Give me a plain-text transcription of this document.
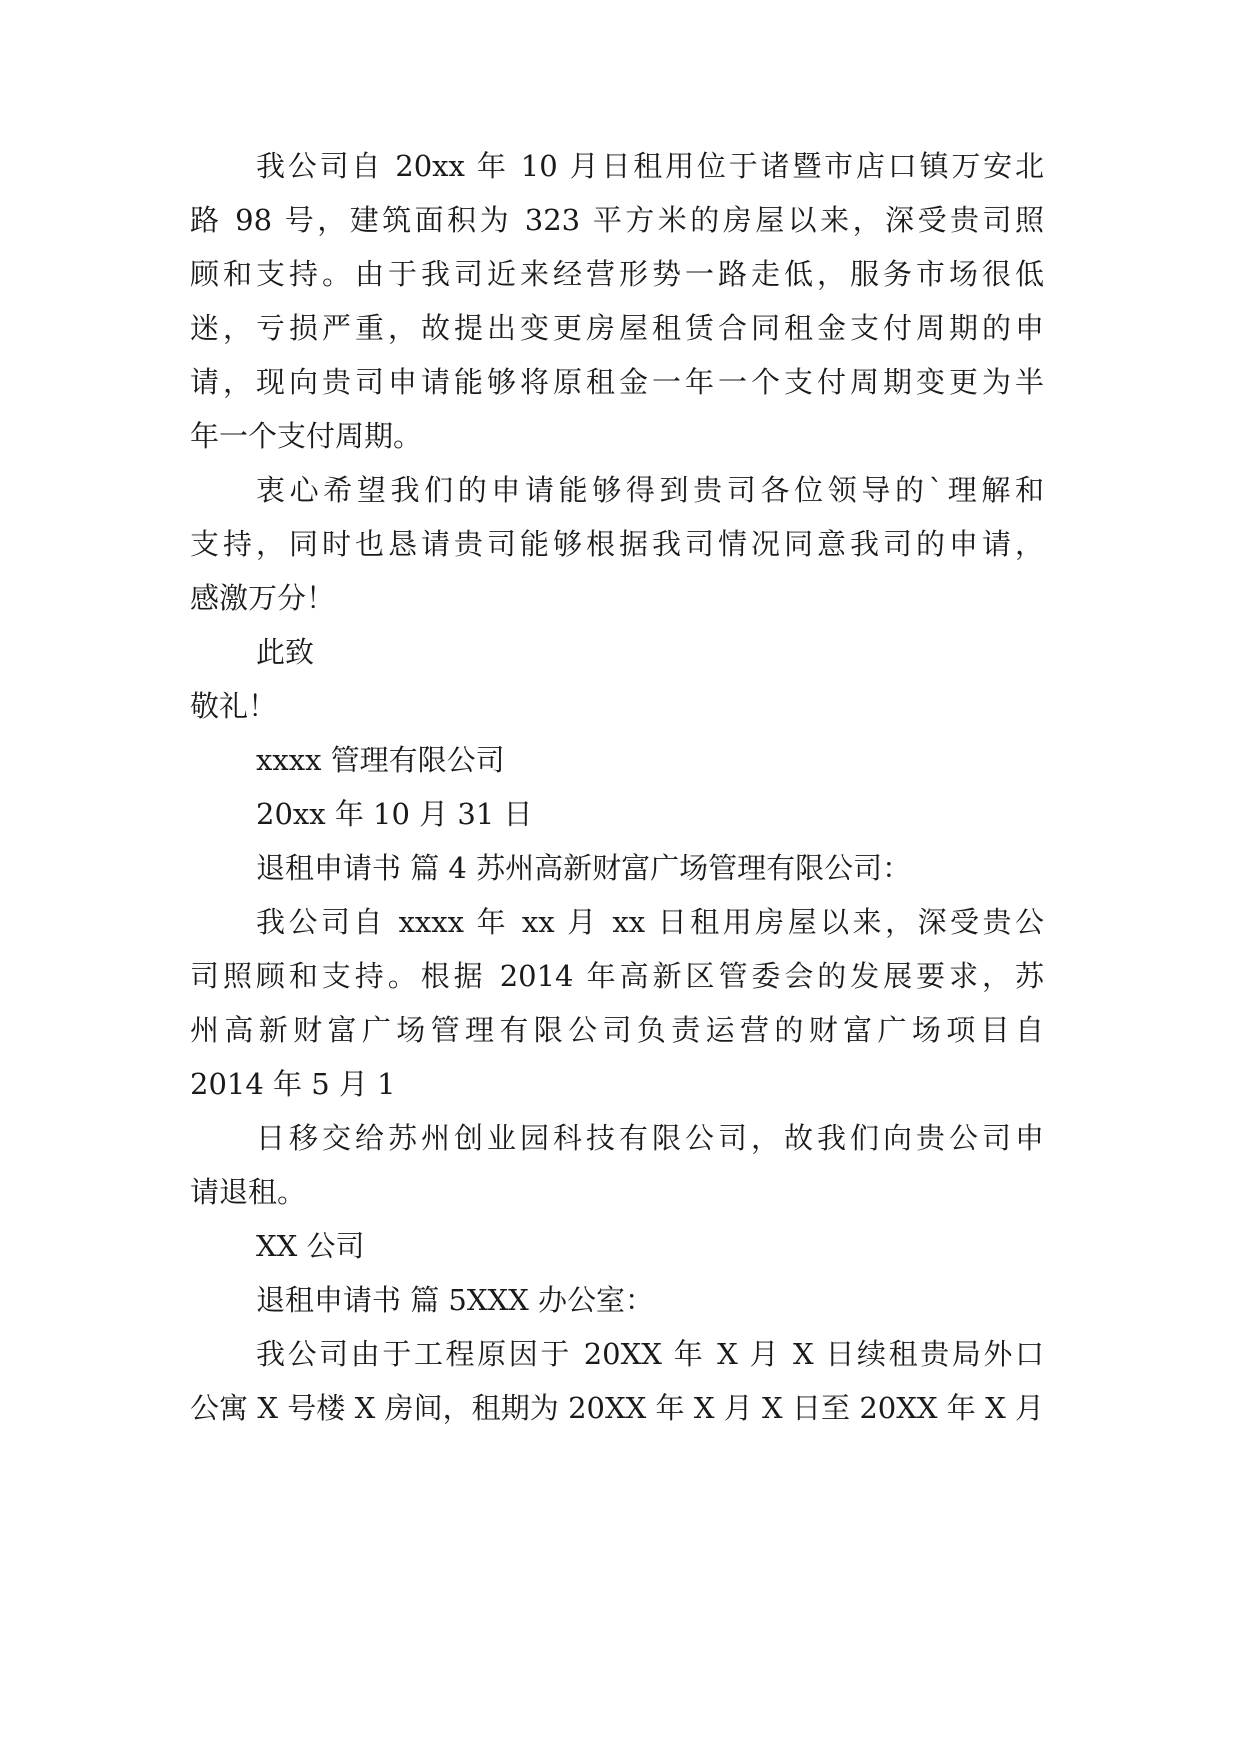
我公司自 20xx 年 10 月日租用位于诸暨市店口镇万安北
路 98 号，建筑面积为 323 平方米的房屋以来，深受贵司照
顾和支持。由于我司近来经营形势一路走低，服务市场很低
迷，亏损严重，故提出变更房屋租赁合同租金支付周期的申
请，现向贵司申请能够将原租金一年一个支付周期变更为半
年一个支付周期。
衷心希望我们的申请能够得到贵司各位领导的`理解和
支持，同时也恳请贵司能够根据我司情况同意我司的申请，
感激万分！
此致
敬礼！
xxxx 管理有限公司
20xx 年 10 月 31 日
退租申请书 篇 4 苏州高新财富广场管理有限公司：
我公司自 xxxx 年 xx 月 xx 日租用房屋以来，深受贵公
司照顾和支持。根据 2014 年高新区管委会的发展要求，苏
州高新财富广场管理有限公司负责运营的财富广场项目自
2014 年 5 月 1
日移交给苏州创业园科技有限公司，故我们向贵公司申
请退租。
XX 公司
退租申请书 篇 5XXX 办公室：
我公司由于工程原因于 20XX 年 X 月 X 日续租贵局外口
公寓 X 号楼 X 房间，租期为 20XX 年 X 月 X 日至 20XX 年 X 月
